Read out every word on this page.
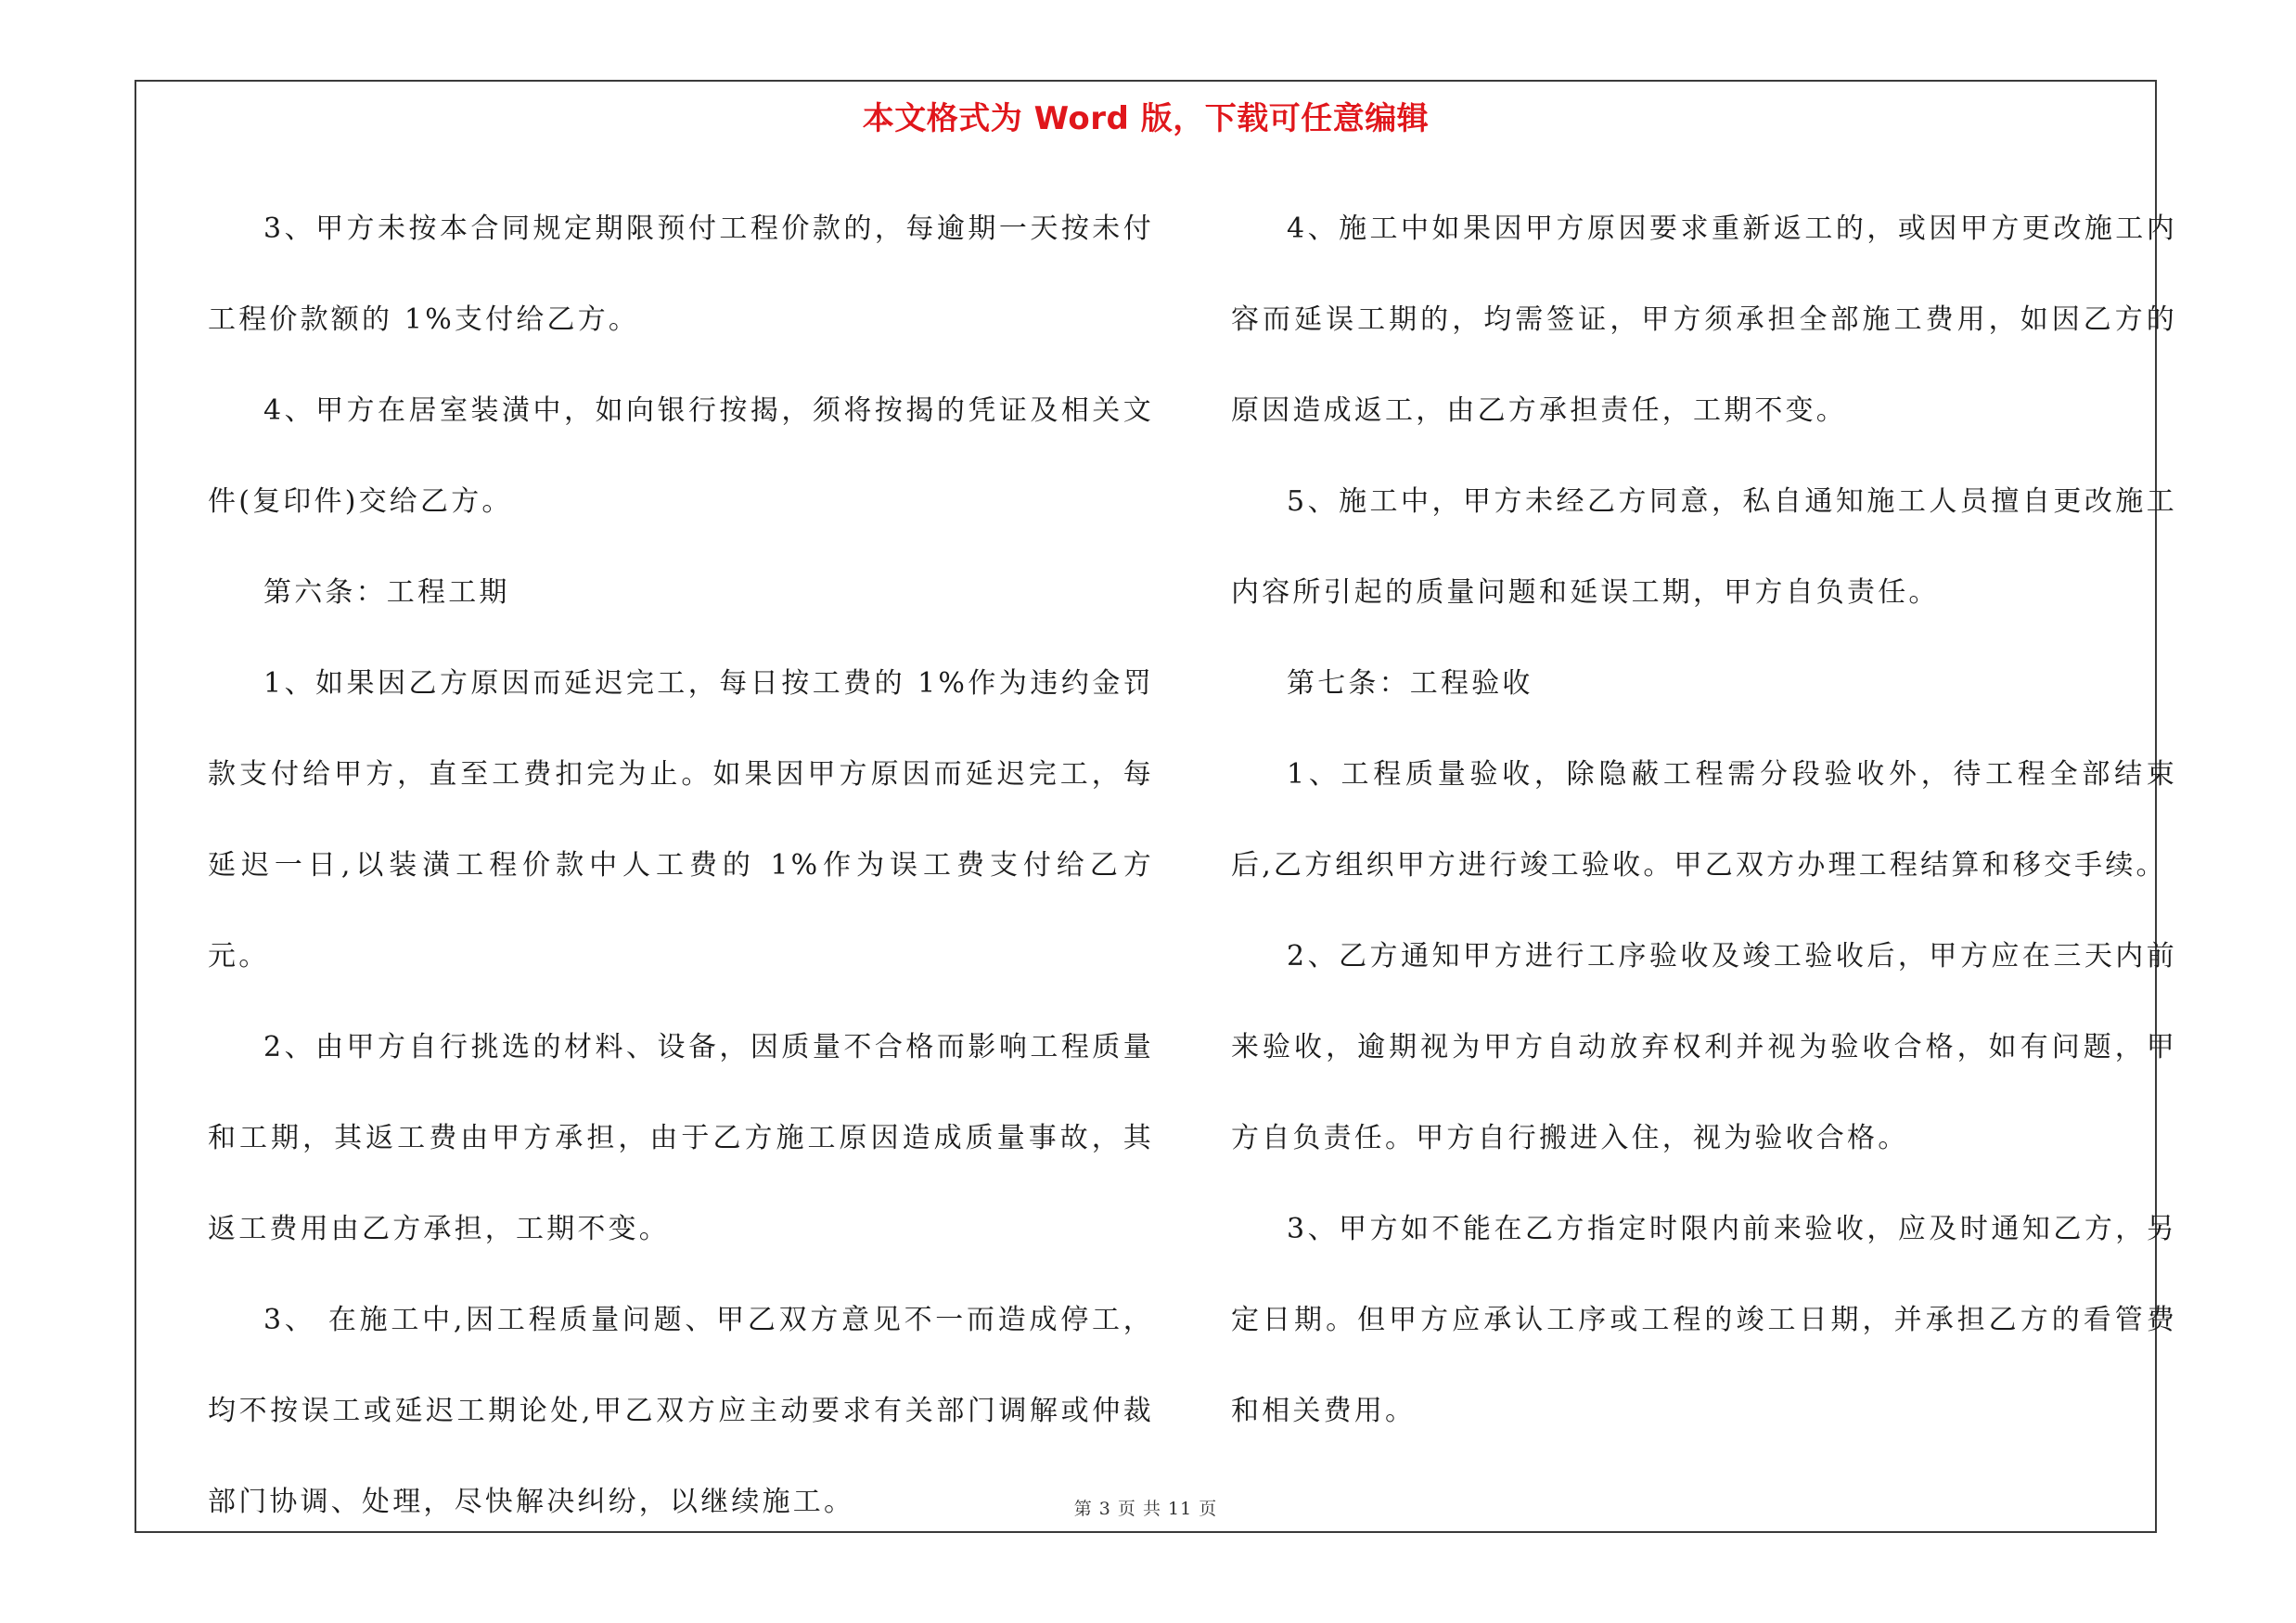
本文格式为 Word 版，下载可任意编辑

3、甲方未按本合同规定期限预付工程价款的，每逾期一天按未付工程价款额的 1%支付给乙方。

4、甲方在居室装潢中，如向银行按揭，须将按揭的凭证及相关文件(复印件)交给乙方。

第六条：工程工期

1、如果因乙方原因而延迟完工，每日按工费的 1%作为违约金罚款支付给甲方，直至工费扣完为止。如果因甲方原因而延迟完工，每延迟一日,以装潢工程价款中人工费的 1%作为误工费支付给乙方 元。

2、由甲方自行挑选的材料、设备，因质量不合格而影响工程质量和工期，其返工费由甲方承担，由于乙方施工原因造成质量事故，其返工费用由乙方承担，工期不变。

3、 在施工中,因工程质量问题、甲乙双方意见不一而造成停工，均不按误工或延迟工期论处,甲乙双方应主动要求有关部门调解或仲裁部门协调、处理，尽快解决纠纷，以继续施工。

4、施工中如果因甲方原因要求重新返工的，或因甲方更改施工内容而延误工期的，均需签证，甲方须承担全部施工费用，如因乙方的原因造成返工，由乙方承担责任，工期不变。

5、施工中，甲方未经乙方同意，私自通知施工人员擅自更改施工内容所引起的质量问题和延误工期，甲方自负责任。

第七条：工程验收

1、工程质量验收，除隐蔽工程需分段验收外，待工程全部结束后,乙方组织甲方进行竣工验收。甲乙双方办理工程结算和移交手续。

2、乙方通知甲方进行工序验收及竣工验收后，甲方应在三天内前来验收，逾期视为甲方自动放弃权利并视为验收合格，如有问题，甲方自负责任。甲方自行搬进入住，视为验收合格。

3、甲方如不能在乙方指定时限内前来验收，应及时通知乙方，另定日期。但甲方应承认工序或工程的竣工日期，并承担乙方的看管费和相关费用。

第 3 页 共 11 页
